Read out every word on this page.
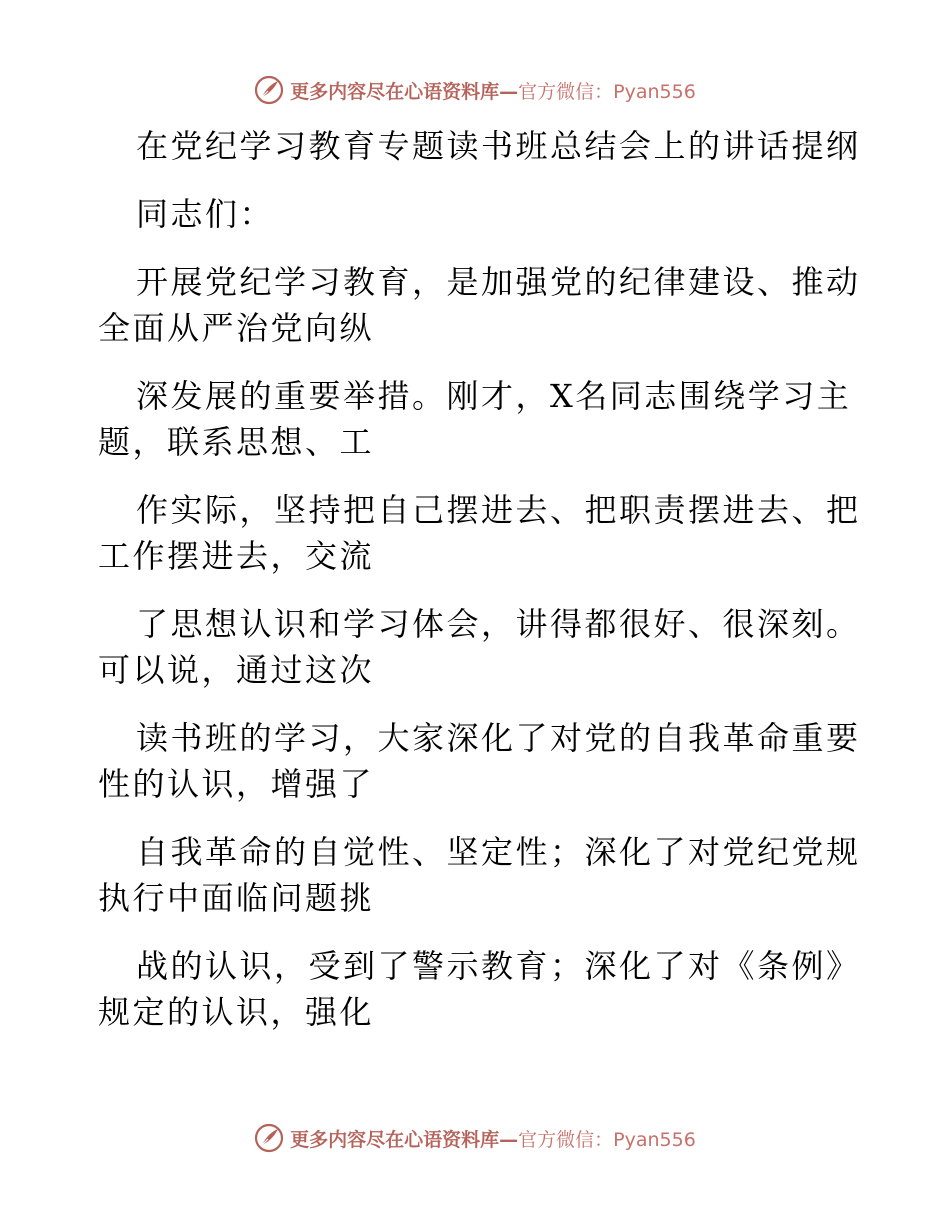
更多内容尽在心语资料库— 官方微信：Pyan556
在党纪学习教育专题读书班总结会上的讲话提纲
同志们：
开展党纪学习教育，是加强党的纪律建设、推动
全面从严治党向纵
深发展的重要举措。刚才，X名同志围绕学习主
题，联系思想、工
作实际，坚持把自己摆进去、把职责摆进去、把
工作摆进去，交流
了思想认识和学习体会，讲得都很好、很深刻。
可以说，通过这次
读书班的学习，大家深化了对党的自我革命重要
性的认识，增强了
自我革命的自觉性、坚定性；深化了对党纪党规
执行中面临问题挑
战的认识，受到了警示教育；深化了对《条例》
规定的认识，强化
更多内容尽在心语资料库— 官方微信：Pyan556
